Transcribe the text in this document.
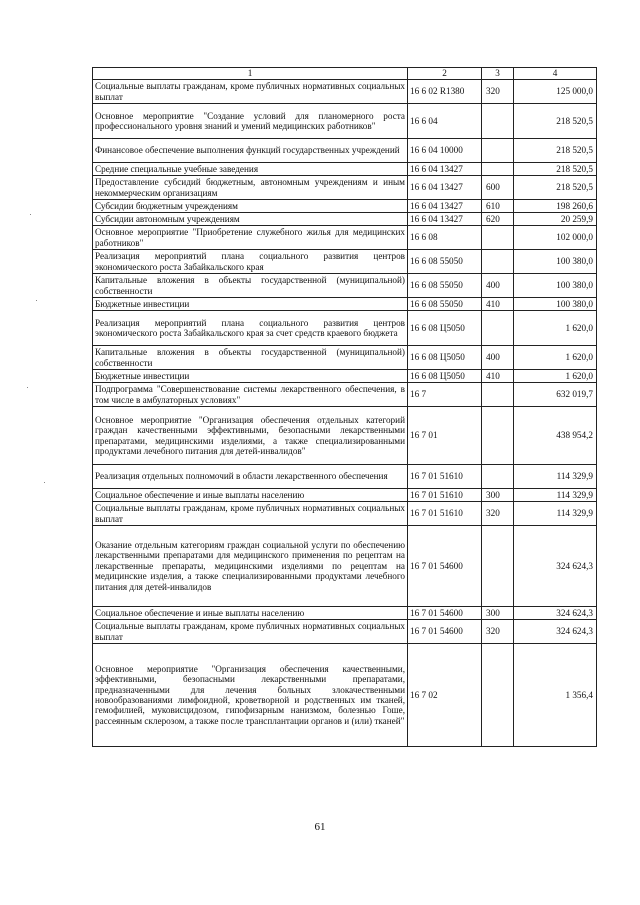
1	2	3	4
Социальные выплаты гражданам, кроме публичных нормативных социальных выплат	16 6 02 R1380	320	125 000,0
Основное мероприятие "Создание условий для планомерного роста профессионального уровня знаний и умений медицинских работников"	16 6 04		218 520,5
Финансовое обеспечение выполнения функций государственных учреждений	16 6 04 10000		218 520,5
Средние специальные учебные заведения	16 6 04 13427		218 520,5
Предоставление субсидий бюджетным, автономным учреждениям и иным некоммерческим организациям	16 6 04 13427	600	218 520,5
Субсидии бюджетным учреждениям	16 6 04 13427	610	198 260,6
Субсидии автономным учреждениям	16 6 04 13427	620	20 259,9
Основное мероприятие "Приобретение служебного жилья для медицинских работников"	16 6 08		102 000,0
Реализация мероприятий плана социального развития центров экономического роста Забайкальского края	16 6 08 55050		100 380,0
Капитальные вложения в объекты государственной (муниципальной) собственности	16 6 08 55050	400	100 380,0
Бюджетные инвестиции	16 6 08 55050	410	100 380,0
Реализация мероприятий плана социального развития центров экономического роста Забайкальского края за счет средств краевого бюджета	16 6 08 Ц5050		1 620,0
Капитальные вложения в объекты государственной (муниципальной) собственности	16 6 08 Ц5050	400	1 620,0
Бюджетные инвестиции	16 6 08 Ц5050	410	1 620,0
Подпрограмма "Совершенствование системы лекарственного обеспечения, в том числе в амбулаторных условиях"	16 7		632 019,7
Основное мероприятие "Организация обеспечения отдельных категорий граждан качественными эффективными, безопасными лекарственными препаратами, медицинскими изделиями, а также специализированными продуктами лечебного питания для детей-инвалидов"	16 7 01		438 954,2
Реализация отдельных полномочий в области лекарственного обеспечения	16 7 01 51610		114 329,9
Социальное обеспечение и иные выплаты населению	16 7 01 51610	300	114 329,9
Социальные выплаты гражданам, кроме публичных нормативных социальных выплат	16 7 01 51610	320	114 329,9
Оказание отдельным категориям граждан социальной услуги по обеспечению лекарственными препаратами для медицинского применения по рецептам на лекарственные препараты, медицинскими изделиями по рецептам на медицинские изделия, а также специализированными продуктами лечебного питания для детей-инвалидов	16 7 01 54600		324 624,3
Социальное обеспечение и иные выплаты населению	16 7 01 54600	300	324 624,3
Социальные выплаты гражданам, кроме публичных нормативных социальных выплат	16 7 01 54600	320	324 624,3
Основное мероприятие "Организация обеспечения качественными, эффективными, безопасными лекарственными препаратами, предназначенными для лечения больных злокачественными новообразованиями лимфоидной, кроветворной и родственных им тканей, гемофилией, муковисцидозом, гипофизарным нанизмом, болезнью Гоше, рассеянным склерозом, а также после трансплантации органов и (или) тканей"	16 7 02		1 356,4
61
